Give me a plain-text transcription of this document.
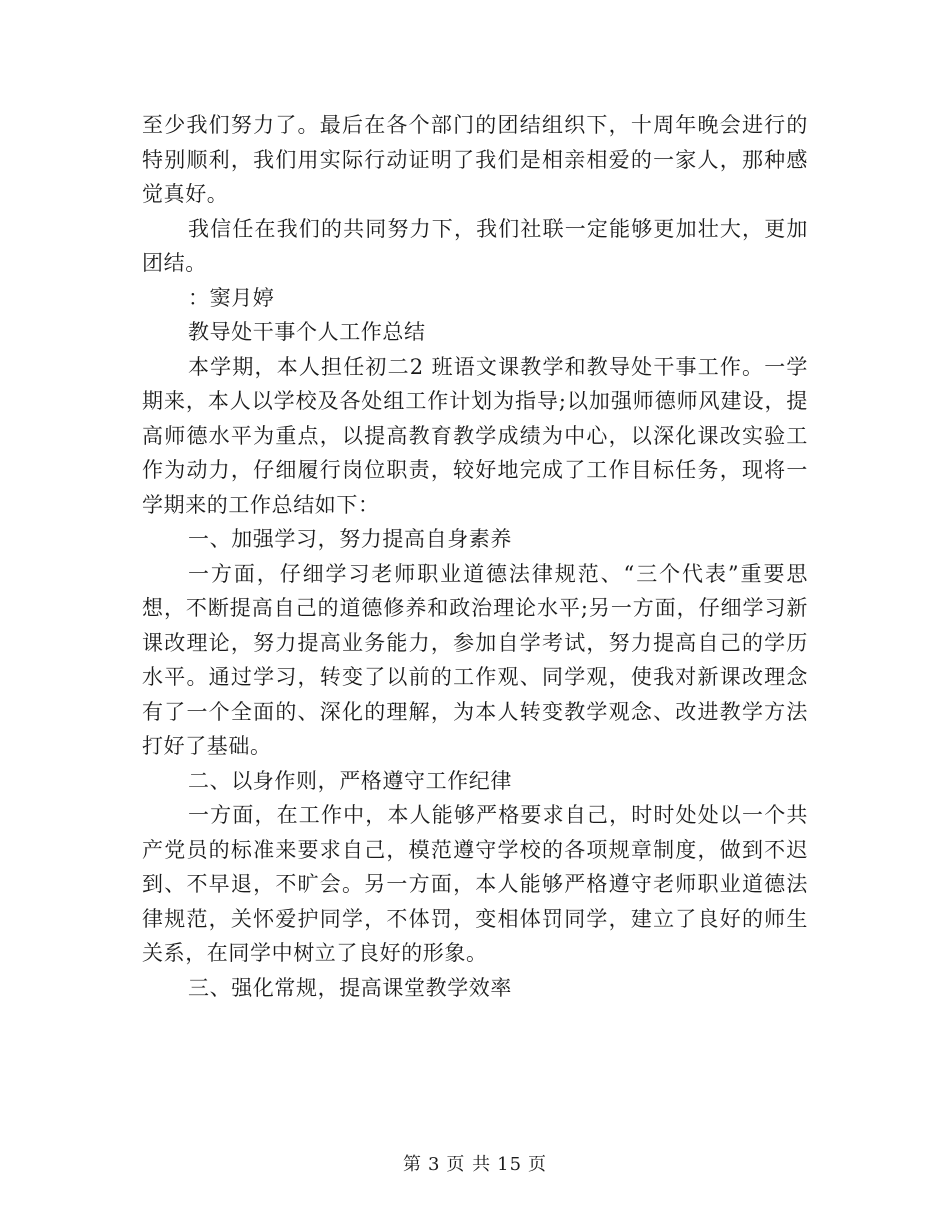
至少我们努力了。最后在各个部门的团结组织下，十周年晚会进行的特别顺利，我们用实际行动证明了我们是相亲相爱的一家人，那种感觉真好。

我信任在我们的共同努力下，我们社联一定能够更加壮大，更加团结。

：窦月婷

教导处干事个人工作总结

本学期，本人担任初二2 班语文课教学和教导处干事工作。一学期来，本人以学校及各处组工作计划为指导;以加强师德师风建设，提高师德水平为重点，以提高教育教学成绩为中心，以深化课改实验工作为动力，仔细履行岗位职责，较好地完成了工作目标任务，现将一学期来的工作总结如下：

一、加强学习，努力提高自身素养

一方面，仔细学习老师职业道德法律规范、“三个代表”重要思想，不断提高自己的道德修养和政治理论水平;另一方面，仔细学习新课改理论，努力提高业务能力，参加自学考试，努力提高自己的学历水平。通过学习，转变了以前的工作观、同学观，使我对新课改理念有了一个全面的、深化的理解，为本人转变教学观念、改进教学方法打好了基础。

二、以身作则，严格遵守工作纪律

一方面，在工作中，本人能够严格要求自己，时时处处以一个共产党员的标准来要求自己，模范遵守学校的各项规章制度，做到不迟到、不早退，不旷会。另一方面，本人能够严格遵守老师职业道德法律规范，关怀爱护同学，不体罚，变相体罚同学，建立了良好的师生关系，在同学中树立了良好的形象。

三、强化常规，提高课堂教学效率

第 3 页 共 15 页
